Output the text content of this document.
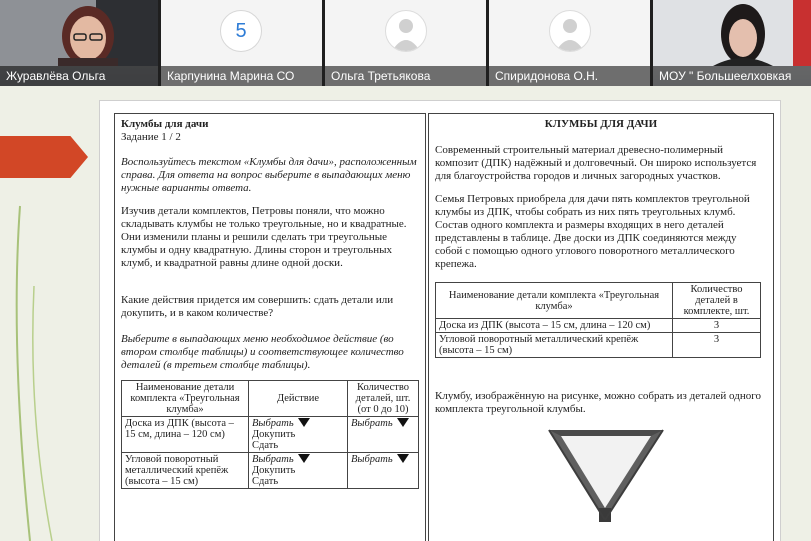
Журавлёва Ольга
5
Карпунина Марина СО	Ольга Третьякова	Спиридонова О.Н.	МОУ " Большеелховкая
Клумбы для дачи
Задание 1 / 2
Воспользуйтесь текстом «Клумбы для дачи», расположенным справа. Для ответа на вопрос выберите в выпадающих меню нужные варианты ответа.
Изучив детали комплектов, Петровы поняли, что можно складывать клумбы не только треугольные, но и квадратные. Они изменили планы и решили сделать три треугольные клумбы и одну квадратную. Длины сторон и треугольных клумб, и квадратной равны длине одной доски.
Какие действия придется им совершить: сдать детали или докупить, и в каком количестве?
Выберите в выпадающих меню необходимое действие (во втором столбце таблицы) и соответствующее количество деталей (в третьем столбце таблицы).
Наименование детали комплекта «Треугольная клумба»	Действие	Количество деталей, шт. (от 0 до 10)
Доска из ДПК (высота – 15 см, длина – 120 см)	Выбрать
Докупить
Сдать	Выбрать
Угловой поворотный металлический крепёж (высота – 15 см)	Выбрать
Докупить
Сдать	Выбрать
КЛУМБЫ ДЛЯ ДАЧИ
Современный строительный материал древесно-полимерный композит (ДПК) надёжный и долговечный. Он широко используется для благоустройства городов и личных загородных участков.
Семья Петровых приобрела для дачи пять комплектов треугольной клумбы из ДПК, чтобы собрать из них пять треугольных клумб. Состав одного комплекта и размеры входящих в него деталей представлены в таблице. Две доски из ДПК соединяются между собой с помощью одного углового поворотного металлического крепежа.
Наименование детали комплекта «Треугольная клумба»	Количество деталей в комплекте, шт.
Доска из ДПК (высота – 15 см, длина – 120 см)	3
Угловой поворотный металлический крепёж (высота – 15 см)	3
Клумбу, изображённую на рисунке, можно собрать из деталей одного комплекта треугольной клумбы.
